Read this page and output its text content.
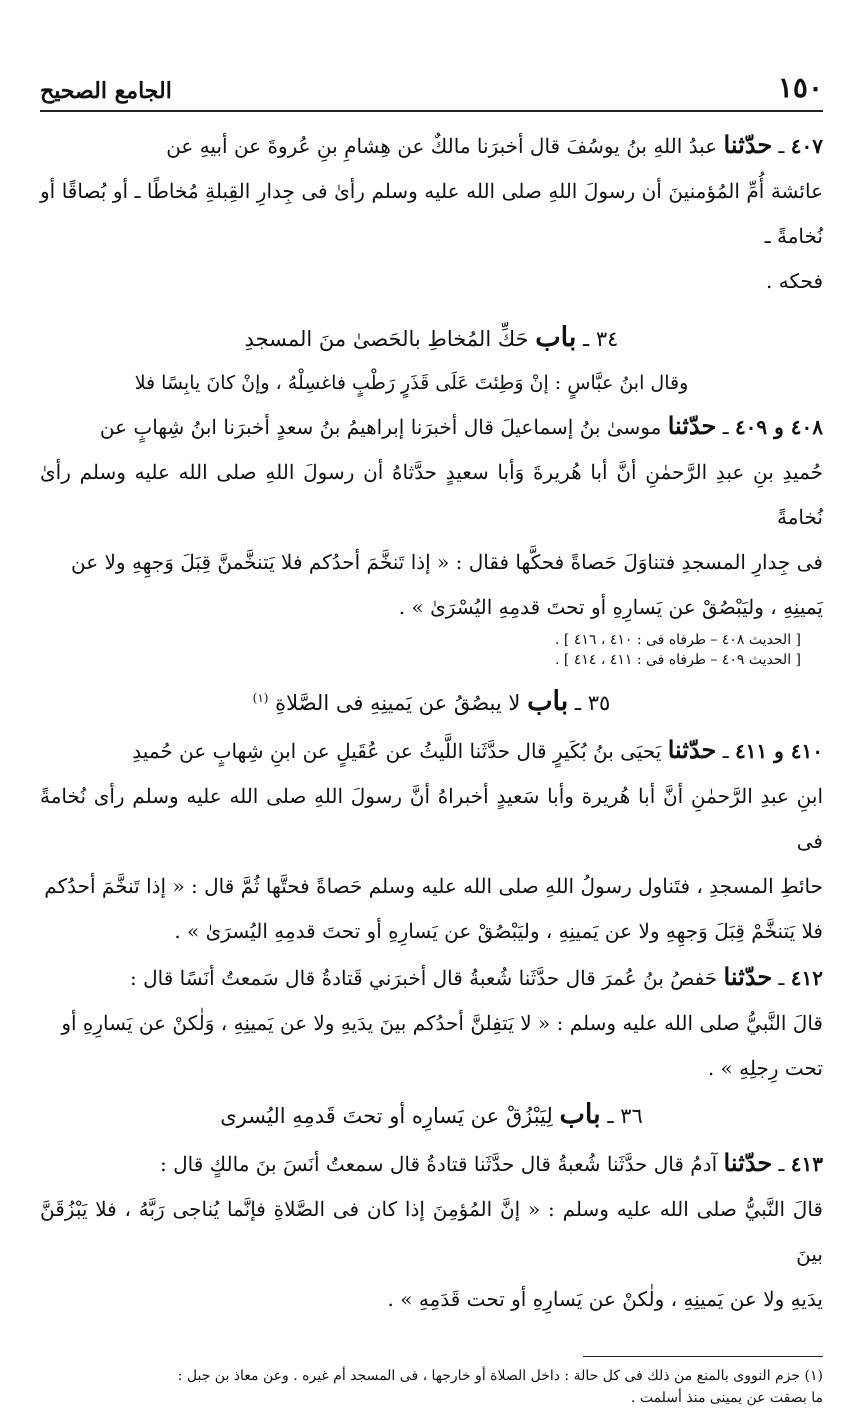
١٥٠
الجامع الصحيح

٤٠٧ ـ حدّثنا عبدُ اللهِ بنُ يوسُفَ قال أخبرَنا مالكٌ عن هِشامِ بنِ عُروةَ عن أبيهِ عن

عائشة أُمِّ المُؤمنينَ أن رسولَ اللهِ صلى الله عليه وسلم رأىٰ فى جِدارِ القِبلةِ مُخاطًا ـ أو بُصاقًا أو نُخامةً ـ

فحكه .

٣٤ ـ باب حَكِّ المُخاطِ بالحَصىٰ منَ المسجدِ

وقال ابنُ عبَّاسٍ : إنْ وَطِئتَ عَلَى قَذَرٍ رَطْبٍ فاغسِلْهُ ، وإنْ كانَ يابِسًا فلا

٤٠٨ و ٤٠٩ ـ حدّثنا موسىٰ بنُ إسماعيلَ قال أخبرَنا إبراهيمُ بنُ سعدٍ أخبرَنا ابنُ شِهابٍ عن

حُميدِ بنِ عبدِ الرَّحمٰنِ أنَّ أبا هُريرةَ وَأبا سعيدٍ حدَّثاهُ أن رسولَ اللهِ صلى الله عليه وسلم رأىٰ نُخامةً

فى جِدارِ المسجدِ فتناوَلَ حَصاةً فحكَّها فقال : « إذا تَنخَّمَ أحدُكم فلا يَتنخَّمنَّ قِبَلَ وَجهِهِ ولا عن

يَمينِهِ ، وليَبْصُقْ عن يَسارِهِ أو تحتَ قدمِهِ اليُسْرَىٰ » .

[ الحديث ٤٠٨ – طرفاه فى : ٤١٠ ، ٤١٦ ] .
[ الحديث ٤٠٩ – طرفاه فى : ٤١١ ، ٤١٤ ] .

٣٥ ـ باب لا يبصُقُ عن يَمينِهِ فى الصَّلاةِ $^{(١)}$

٤١٠ و ٤١١ ـ حدّثنا يَحيَى بنُ بُكَيرٍ قال حدَّثَنا اللَّيثُ عن عُقَيلٍ عن ابنِ شِهابٍ عن حُميدِ

ابنِ عبدِ الرَّحمٰنِ أنَّ أبا هُريرة وأبا سَعيدٍ أخبراهُ أنَّ رسولَ اللهِ صلى الله عليه وسلم رأى نُخامةً فى

حائطِ المسجدِ ، فتَناول رسولُ اللهِ صلى الله عليه وسلم حَصاةً فحتَّها ثُمَّ قال : « إذا تَنخَّمَ أحدُكم

فلا يَتنخَّمْ قِبَلَ وَجهِهِ ولا عن يَمينِهِ ، وليَبْصُقْ عن يَسارِهِ أو تحتَ قدمِهِ اليُسرَىٰ » .

٤١٢ ـ حدّثنا حَفصُ بنُ عُمرَ قال حدَّثَنا شُعبةُ قال أخبرَني قَتادةُ قال سَمعتُ أنَسًا قال :

قالَ النَّبيُّ صلى الله عليه وسلم : « لا يَتفِلنَّ أحدُكم بينَ يدَيهِ ولا عن يَمينِهِ ، وَلٰكنْ عن يَسارِهِ أو

تحت رِجلِهِ » .

٣٦ ـ باب لِيَبْزُقْ عن يَسارِه أو تحتَ قَدمِهِ اليُسرى

٤١٣ ـ حدّثنا آدمُ قال حدَّثَنا شُعبةُ قال حدَّثَنا قتادةُ قال سمعتُ أنَسَ بنَ مالكٍ قال :

قالَ النَّبيُّ صلى الله عليه وسلم : « إنَّ المُؤمِنَ إذا كان فى الصَّلاةِ فإنَّما يُناجى رَبَّهُ ، فلا يَبْزُقَنَّ بينَ

يدَيهِ ولا عن يَمينِهِ ، ولٰكنْ عن يَسارِهِ أو تحت قَدَمِهِ » .

(١) جزم النووى بالمنع من ذلك فى كل حالة : داخل الصلاة أو خارجها ، فى المسجد أم غيره . وعن معاذ بن جبل :

ما بصقت عن يمينى منذ أسلمت .
